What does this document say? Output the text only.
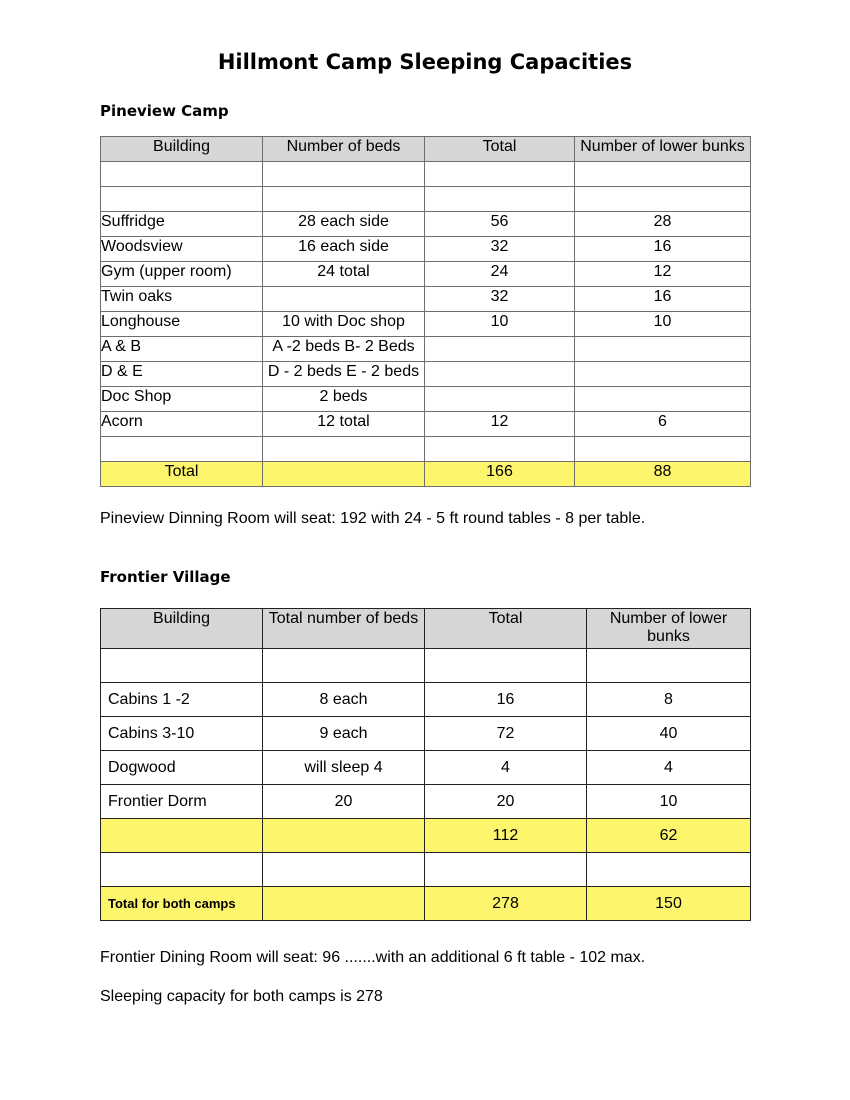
Hillmont Camp Sleeping Capacities
Pineview Camp
Building	Number of beds	Total	Number of lower bunks

Suffridge	28 each side	56	28
Woodsview	16 each side	32	16
Gym (upper room)	24 total	24	12
Twin oaks		32	16
Longhouse	10 with Doc shop	10	10
A & B	A -2 beds B- 2 Beds		
D & E	D - 2 beds E - 2 beds		
Doc Shop	2 beds		
Acorn	12 total	12	6

Total		166	88
Pineview Dinning Room will seat: 192 with 24 - 5 ft round tables - 8 per table.
Frontier Village
Building	Total number of beds	Total	Number of lower bunks

Cabins 1 -2	8 each	16	8
Cabins 3-10	9 each	72	40
Dogwood	will sleep 4	4	4
Frontier Dorm	20	20	10
		112	62

Total for both camps		278	150
Frontier Dining Room will seat: 96 .......with an additional 6 ft table - 102 max.
Sleeping capacity for both camps is 278
